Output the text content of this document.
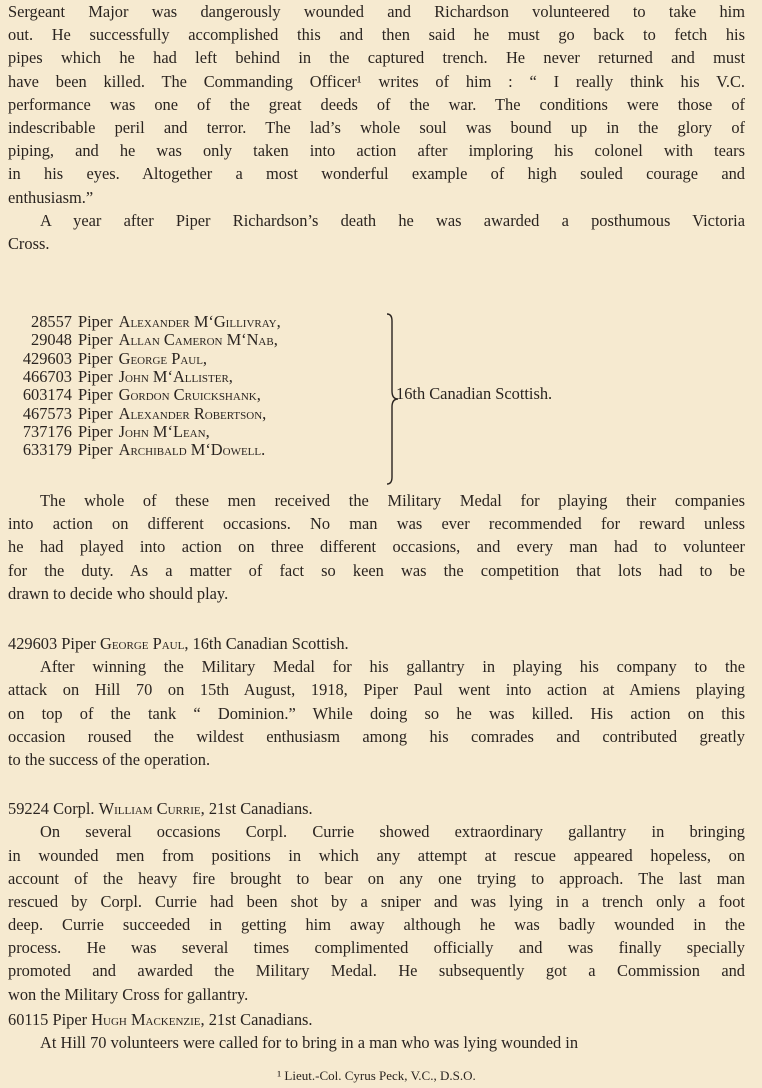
Sergeant Major was dangerously wounded and Richardson volunteered to take him
out. He successfully accomplished this and then said he must go back to fetch his
pipes which he had left behind in the captured trench. He never returned and must
have been killed. The Commanding Officer¹ writes of him : “ I really think his V.C.
performance was one of the great deeds of the war. The conditions were those of
indescribable peril and terror. The lad’s whole soul was bound up in the glory of
piping, and he was only taken into action after imploring his colonel with tears
in his eyes. Altogether a most wonderful example of high souled courage and
enthusiasm.”
A year after Piper Richardson’s death he was awarded a posthumous Victoria
Cross.
28557 Piper Alexander M‘Gillivray,
29048 Piper Allan Cameron M‘Nab,
429603 Piper George Paul,
466703 Piper John M‘Allister,
603174 Piper Gordon Cruickshank,
467573 Piper Alexander Robertson,
737176 Piper John M‘Lean,
633179 Piper Archibald M‘Dowell.
16th Canadian Scottish.
The whole of these men received the Military Medal for playing their companies
into action on different occasions. No man was ever recommended for reward unless
he had played into action on three different occasions, and every man had to volunteer
for the duty. As a matter of fact so keen was the competition that lots had to be
drawn to decide who should play.
429603 Piper George Paul, 16th Canadian Scottish.
After winning the Military Medal for his gallantry in playing his company to the
attack on Hill 70 on 15th August, 1918, Piper Paul went into action at Amiens playing
on top of the tank “ Dominion.” While doing so he was killed. His action on this
occasion roused the wildest enthusiasm among his comrades and contributed greatly
to the success of the operation.
59224 Corpl. William Currie, 21st Canadians.
On several occasions Corpl. Currie showed extraordinary gallantry in bringing
in wounded men from positions in which any attempt at rescue appeared hopeless, on
account of the heavy fire brought to bear on any one trying to approach. The last man
rescued by Corpl. Currie had been shot by a sniper and was lying in a trench only a foot
deep. Currie succeeded in getting him away although he was badly wounded in the
process. He was several times complimented officially and was finally specially
promoted and awarded the Military Medal. He subsequently got a Commission and
won the Military Cross for gallantry.
60115 Piper Hugh Mackenzie, 21st Canadians.
At Hill 70 volunteers were called for to bring in a man who was lying wounded in
¹ Lieut.-Col. Cyrus Peck, V.C., D.S.O.
